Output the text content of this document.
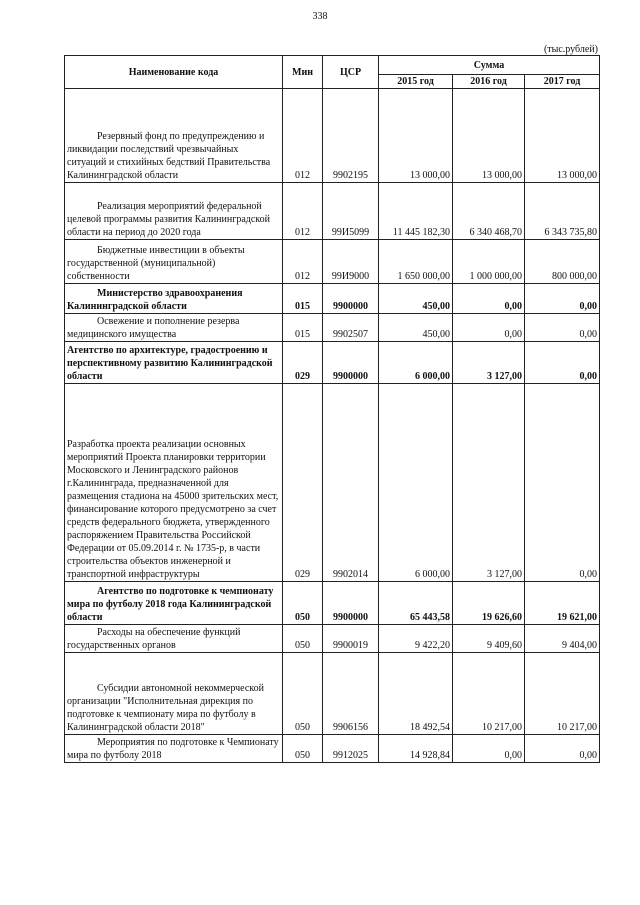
338
(тыс.рублей)
Наименование кода	Мин	ЦСР	Сумма		
			2015 год	2016 год	2017 год
Резервный фонд по предупреждению и ликвидации последствий чрезвычайных ситуаций и стихийных бедствий Правительства Калининградской области	012	9902195	13 000,00	13 000,00	13 000,00
Реализация мероприятий федеральной целевой программы развития Калининградской области на период до 2020 года	012	99И5099	11 445 182,30	6 340 468,70	6 343 735,80
Бюджетные инвестиции в объекты государственной (муниципальной) собственности	012	99И9000	1 650 000,00	1 000 000,00	800 000,00
Министерство здравоохранения Калининградской области	015	9900000	450,00	0,00	0,00
Освежение и пополнение резерва медицинского имущества	015	9902507	450,00	0,00	0,00
Агентство по архитектуре, градостроению и перспективному развитию Калининградской области	029	9900000	6 000,00	3 127,00	0,00
Разработка проекта реализации основных мероприятий Проекта планировки территории Московского и Ленинградского районов г.Калининграда, предназначенной для размещения стадиона на 45000 зрительских мест, финансирование которого предусмотрено за счет средств федерального бюджета, утвержденного распоряжением Правительства Российской Федерации от 05.09.2014 г. № 1735-р, в части строительства объектов инженерной и транспортной инфраструктуры	029	9902014	6 000,00	3 127,00	0,00
Агентство по подготовке к чемпионату мира по футболу 2018 года Калининградской области	050	9900000	65 443,58	19 626,60	19 621,00
Расходы на обеспечение функций государственных органов	050	9900019	9 422,20	9 409,60	9 404,00
Субсидии автономной некоммерческой организации "Исполнительная дирекция по подготовке к чемпионату мира по футболу в Калининградской области 2018"	050	9906156	18 492,54	10 217,00	10 217,00
Мероприятия по подготовке к Чемпионату мира по футболу 2018	050	9912025	14 928,84	0,00	0,00
